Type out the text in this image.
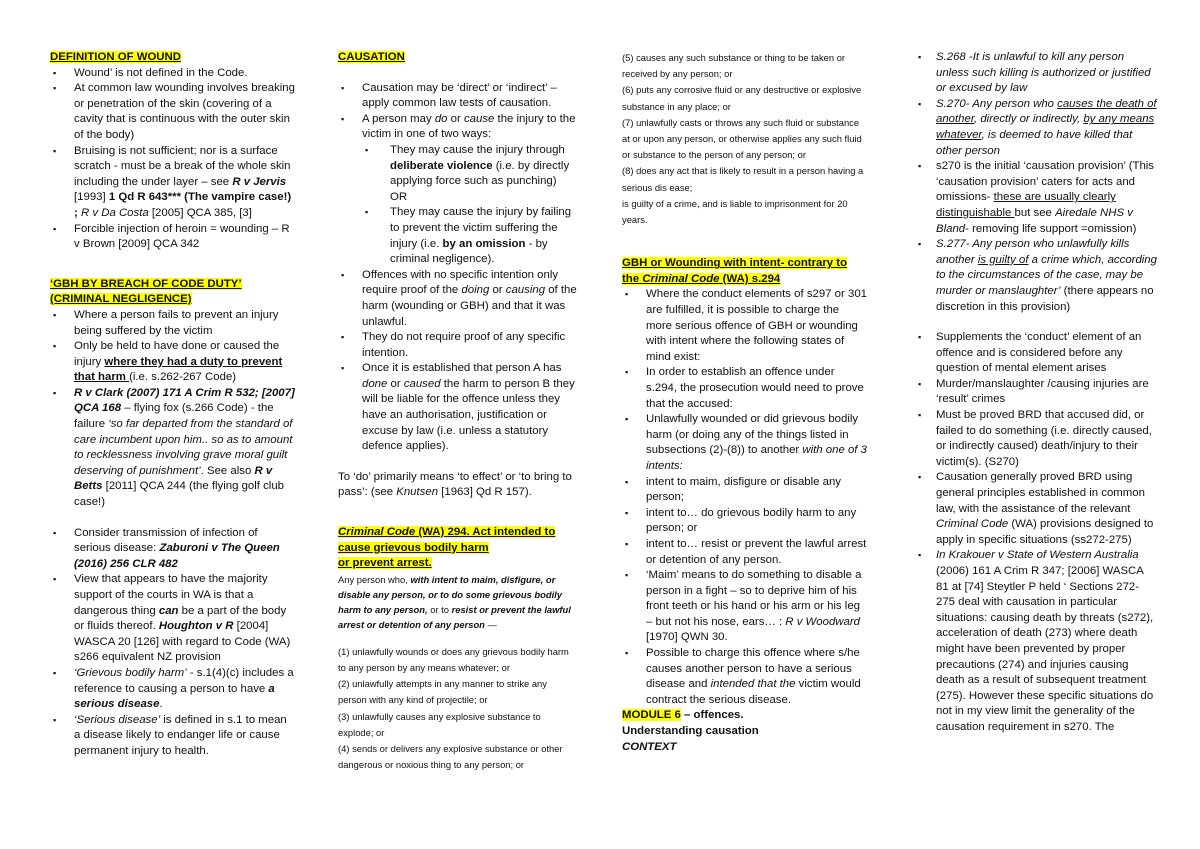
DEFINITION OF WOUND

▪ Wound’ is not defined in the Code.
▪ At common law wounding involves breaking or penetration of the skin (covering of a cavity that is continuous with the outer skin of the body)
▪ Bruising is not sufficient; nor is a surface scratch - must be a break of the whole skin including the under layer – see R v Jervis [1993] 1 Qd R 643*** (The vampire case!) ; R v Da Costa [2005] QCA 385, [3]
▪ Forcible injection of heroin = wounding – R v Brown [2009] QCA 342

‘GBH BY BREACH OF CODE DUTY’ (CRIMINAL NEGLIGENCE)

▪ Where a person fails to prevent an injury being suffered by the victim
▪ Only be held to have done or caused the injury where they had a duty to prevent that harm (i.e. s.262-267 Code)
▪ R v Clark (2007) 171 A Crim R 532; [2007] QCA 168 – flying fox (s.266 Code) - the failure ‘so far departed from the standard of care incumbent upon him.. so as to amount to recklessness involving grave moral guilt deserving of punishment’. See also R v Betts [2011] QCA 244 (the flying golf club case!)
▪ Consider transmission of infection of serious disease: Zaburoni v The Queen (2016) 256 CLR 482
▪ View that appears to have the majority support of the courts in WA is that a dangerous thing can be a part of the body or fluids thereof. Houghton v R [2004] WASCA 20 [126] with regard to Code (WA) s266 equivalent NZ provision
▪ ‘Grievous bodily harm’ - s.1(4)(c) includes a reference to causing a person to have a serious disease.
▪ ‘Serious disease’ is defined in s.1 to mean a disease likely to endanger life or cause permanent injury to health.

CAUSATION

▪ Causation may be ‘direct’ or ‘indirect’ – apply common law tests of causation.
▪ A person may do or cause the injury to the victim in one of two ways:
▪ They may cause the injury through deliberate violence (i.e. by directly applying force such as punching)
OR
▪ They may cause the injury by failing to prevent the victim suffering the injury (i.e. by an omission - by criminal negligence).
▪ Offences with no specific intention only require proof of the doing or causing of the harm (wounding or GBH) and that it was unlawful.
▪ They do not require proof of any specific intention.
▪ Once it is established that person A has done or caused the harm to person B they will be liable for the offence unless they have an authorisation, justification or excuse by law (i.e. unless a statutory defence applies).

To ‘do’ primarily means ‘to effect’ or ‘to bring to pass’: (see Knutsen [1963] Qd R 157).

Criminal Code (WA) 294. Act intended to cause grievous bodily harm
or prevent arrest.

Any person who, with intent to maim, disfigure, or disable any person, or to do some grievous bodily harm to any person, or to resist or prevent the lawful arrest or detention of any person —

(1) unlawfully wounds or does any grievous bodily harm to any person by any means whatever; or

(2) unlawfully attempts in any manner to strike any person with any kind of projectile; or

(3) unlawfully causes any explosive substance to explode; or

(4) sends or delivers any explosive substance or other dangerous or noxious thing to any person; or

(5) causes any such substance or thing to be taken or received by any person; or

(6) puts any corrosive fluid or any destructive or explosive substance in any place; or

(7) unlawfully casts or throws any such fluid or substance at or upon any person, or otherwise applies any such fluid or substance to the person of any person; or

(8) does any act that is likely to result in a person having a serious dis ease;

is guilty of a crime, and is liable to imprisonment for 20 years.

GBH or Wounding with intent- contrary to the Criminal Code (WA) s.294

▪ Where the conduct elements of s297 or 301 are fulfilled, it is possible to charge the more serious offence of GBH or wounding with intent where the following states of mind exist:
▪ In order to establish an offence under s.294, the prosecution would need to prove that the accused:
▪ Unlawfully wounded or did grievous bodily harm (or doing any of the things listed in subsections (2)-(8)) to another with one of 3 intents:
▪ intent to maim, disfigure or disable any person;
▪ intent to… do grievous bodily harm to any person; or
▪ intent to… resist or prevent the lawful arrest or detention of any person.
▪ ‘Maim’ means to do something to disable a person in a fight – so to deprive him of his front teeth or his hand or his arm or his leg – but not his nose, ears… : R v Woodward [1970] QWN 30.
▪ Possible to charge this offence where s/he causes another person to have a serious disease and intended that the victim would contract the serious disease.

MODULE 6 – offences.

Understanding causation

CONTEXT

▪ S.268 -It is unlawful to kill any person unless such killing is authorized or justified or excused by law
▪ S.270- Any person who causes the death of another, directly or indirectly, by any means whatever, is deemed to have killed that other person
▪ s270 is the initial ‘causation provision’ (This ‘causation provision’ caters for acts and omissions- these are usually clearly distinguishable but see Airedale NHS v Bland- removing life support =omission)
▪ S.277- Any person who unlawfully kills another is guilty of a crime which, according to the circumstances of the case, may be murder or manslaughter’ (there appears no discretion in this provision)
▪ Supplements the ‘conduct’ element of an offence and is considered before any question of mental element arises
▪ Murder/manslaughter /causing injuries are ‘result’ crimes
▪ Must be proved BRD that accused did, or failed to do something (i.e. directly caused, or indirectly caused) death/injury to their victim(s). (S270)
▪ Causation generally proved BRD using general principles established in common law, with the assistance of the relevant Criminal Code (WA) provisions designed to apply in specific situations (ss272-275)
▪ In Krakouer v State of Western Australia (2006) 161 A Crim R 347; [2006] WASCA 81 at [74] Steytler P held ‘ Sections 272-275 deal with causation in particular situations: causing death by threats (s272), acceleration of death (273) where death might have been prevented by proper precautions (274) and injuries causing death as a result of subsequent treatment (275). However these specific situations do not in my view limit the generality of the causation requirement in s270. The
